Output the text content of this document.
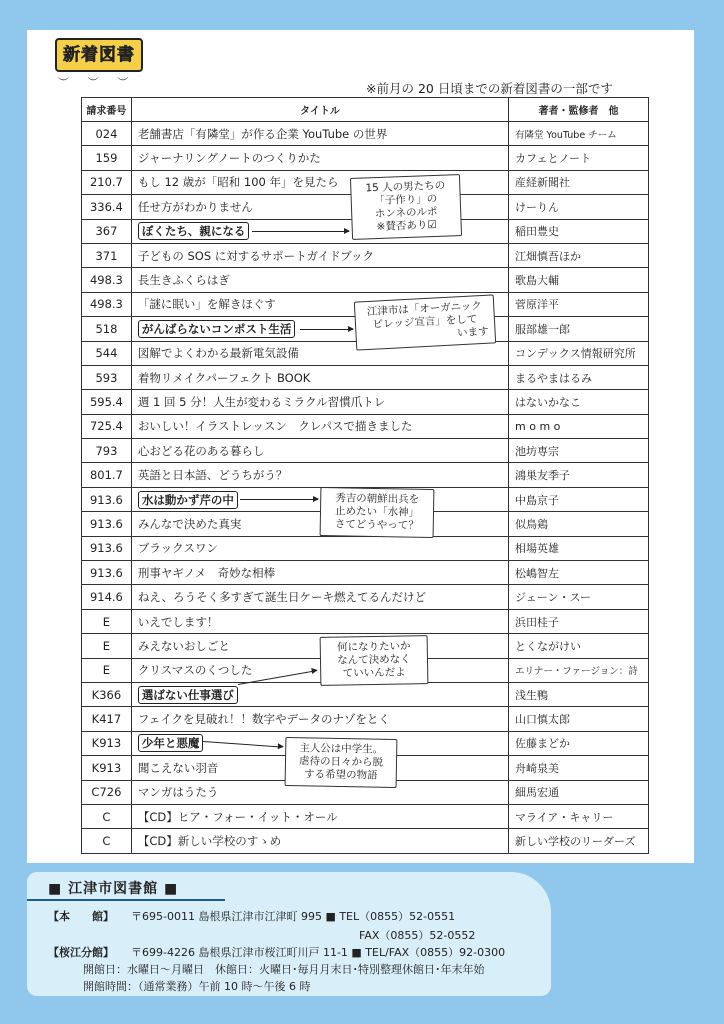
新着図書
︶ ︶ ︶	※前月の 20 日頃までの新着図書の一部です
請求番号	タイトル	著者・監修者　他
024	老舗書店「有隣堂」が作る企業 YouTube の世界	有隣堂 YouTube チーム
159	ジャーナリングノートのつくりかた	カフェとノート
210.7	もし 12 歳が「昭和 100 年」を見たら	産経新聞社
336.4	任せ方がわかりません	けーりん
367	ぼくたち、親になる	稲田豊史
371	子どもの SOS に対するサポートガイドブック	江畑慎吾ほか
498.3	長生きふくらはぎ	歌島大輔
498.3	「謎に眠い」を解きほぐす	菅原洋平
518	がんばらないコンポスト生活	服部雄一郎
544	図解でよくわかる最新電気設備	コンデックス情報研究所
593	着物リメイクパーフェクト BOOK	まるやまはるみ
595.4	週 1 回 5 分！人生が変わるミラクル習慣爪トレ	はないかなこ
725.4	おいしい！イラストレッスン　クレパスで描きました	m o m o
793	心おどる花のある暮らし	池坊専宗
801.7	英語と日本語、どうちがう？	鴻巣友季子
913.6	水は動かず芹の中	中島京子
913.6	みんなで決めた真実	似鳥鶏
913.6	ブラックスワン	相場英雄
913.6	刑事ヤギノメ　奇妙な相棒	松嶋智左
914.6	ねえ、ろうそく多すぎて誕生日ケーキ燃えてるんだけど	ジェーン・スー
E	いえでします！	浜田桂子
E	みえないおしごと	とくながけい
E	クリスマスのくつした	エリナー・ファージョン：詩
K366	選ばない仕事選び	浅生鴨
K417	フェイクを見破れ！！数字やデータのナゾをとく	山口慎太郎
K913	少年と悪魔	佐藤まどか
K913	聞こえない羽音	舟崎泉美
C726	マンガはうたう	細馬宏通
C	【CD】ヒア・フォー・イット・オール	マライア・キャリー
C	【CD】新しい学校のすゝめ	新しい学校のリーダーズ
15 人の男たちの
「子作り」の
ホンネのルポ
※賛否あり☑
江津市は「オーガニック
ビレッジ宣言」をして
います
秀吉の朝鮮出兵を
止めたい「水神」
さてどうやって？
何になりたいか
なんて決めなく
ていいんだよ
主人公は中学生。
虐待の日々から脱
する希望の物語
■ 江津市図書館 ■
【本　　館】 〒695-0011 島根県江津市江津町 995 ■ TEL（0855）52-0551
FAX（0855）52-0552
【桜江分館】 〒699-4226 島根県江津市桜江町川戸 11-1 ■ TEL/FAX（0855）92-0300
開館日：水曜日～月曜日　休館日：火曜日･毎月月末日･特別整理休館日･年末年始
開館時間：（通常業務）午前 10 時～午後 6 時
